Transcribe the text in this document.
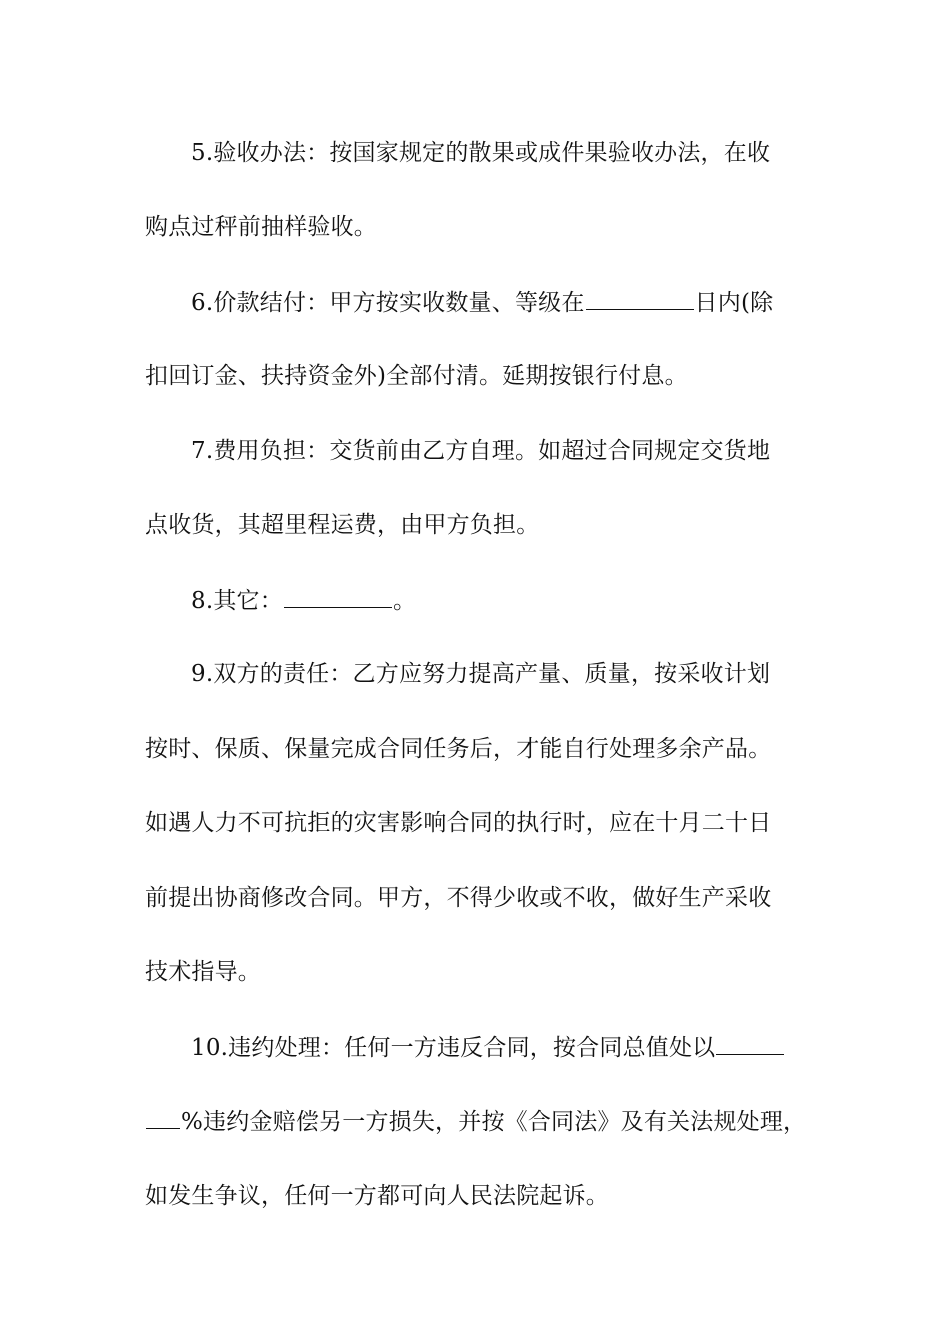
5.验收办法：按国家规定的散果或成件果验收办法，在收
购点过秤前抽样验收。
6.价款结付：甲方按实收数量、等级在	日内(除
扣回订金、扶持资金外)全部付清。延期按银行付息。
7.费用负担：交货前由乙方自理。如超过合同规定交货地
点收货，其超里程运费，由甲方负担。
8.其它：	。
9.双方的责任：乙方应努力提高产量、质量，按采收计划
按时、保质、保量完成合同任务后，才能自行处理多余产品。
如遇人力不可抗拒的灾害影响合同的执行时，应在十月二十日
前提出协商修改合同。甲方，不得少收或不收，做好生产采收
技术指导。
10.违约处理：任何一方违反合同，按合同总值处以
%违约金赔偿另一方损失，并按《合同法》及有关法规处理，
如发生争议，任何一方都可向人民法院起诉。
